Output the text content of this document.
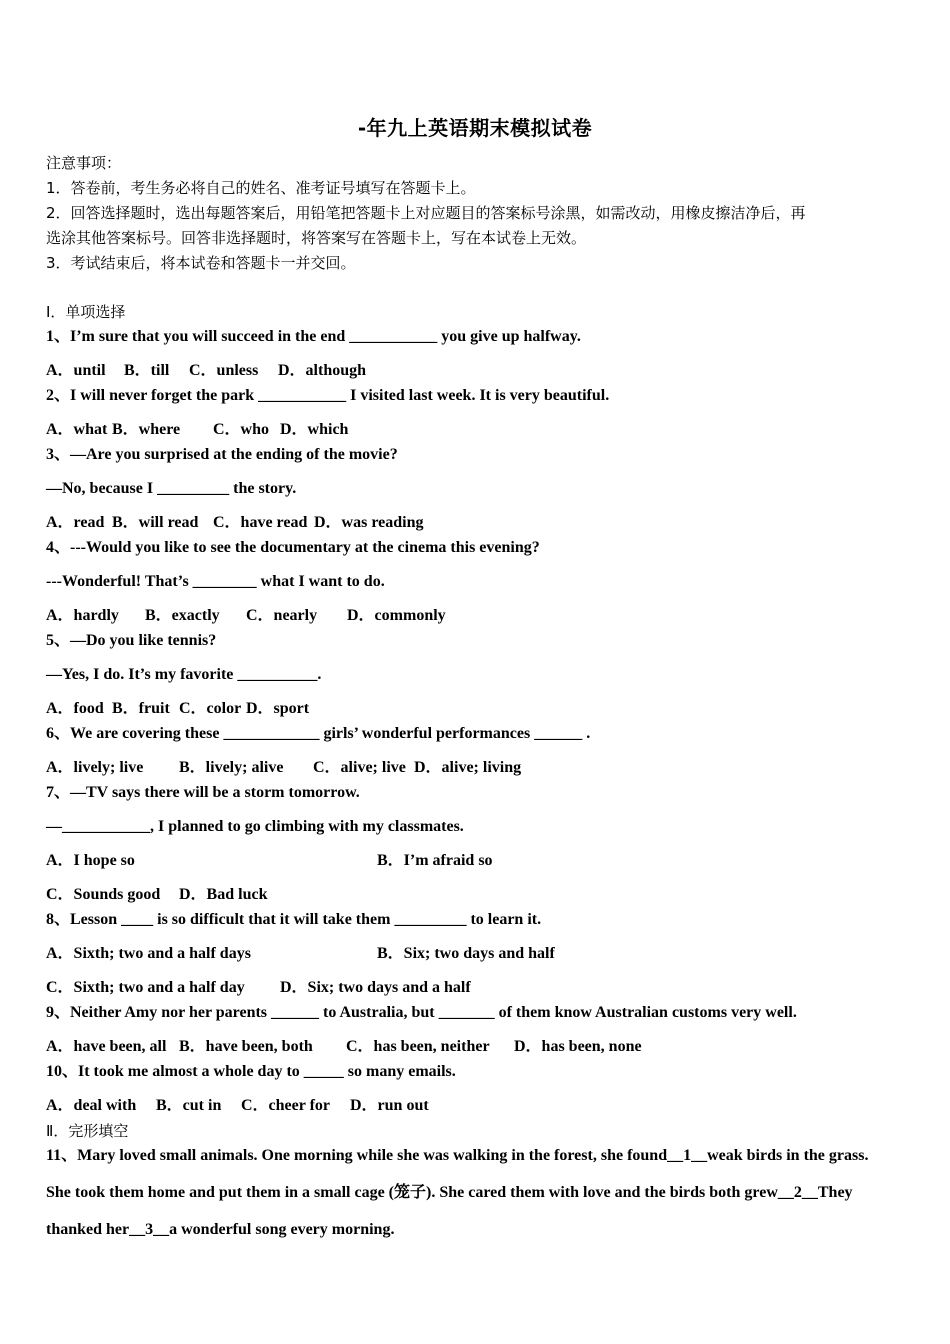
-年九上英语期末模拟试卷
注意事项：
1．答卷前，考生务必将自己的姓名、准考证号填写在答题卡上。
2．回答选择题时，选出每题答案后，用铅笔把答题卡上对应题目的答案标号涂黑，如需改动，用橡皮擦洁净后，再
选涂其他答案标号。回答非选择题时，将答案写在答题卡上，写在本试卷上无效。
3．考试结束后，将本试卷和答题卡一并交回。
Ⅰ．单项选择
1、I’m sure that you will succeed in the end ___________ you give up halfway.
A．until B．till C．unless D．although
2、I will never forget the park ___________ I visited last week. It is very beautiful.
A．what B．where C．who D．which
3、—Are you surprised at the ending of the movie?
—No, because I _________ the story.
A．read B．will read C．have read D．was reading
4、---Would you like to see the documentary at the cinema this evening?
---Wonderful! That’s ________ what I want to do.
A．hardly B．exactly C．nearly D．commonly
5、—Do you like tennis?
—Yes, I do. It’s my favorite __________.
A．food B．fruit C．color D．sport
6、We are covering these ____________ girls’ wonderful performances ______ .
A．lively; live B．lively; alive C．alive; live D．alive; living
7、—TV says there will be a storm tomorrow.
—___________, I planned to go climbing with my classmates.
A．I hope so	B．I’m afraid so
C．Sounds good D．Bad luck
8、Lesson ____ is so difficult that it will take them _________ to learn it.
A．Sixth; two and a half days	B．Six; two days and half
C．Sixth; two and a half day D．Six; two days and a half
9、Neither Amy nor her parents ______ to Australia, but _______ of them know Australian customs very well.
A．have been, all B．have been, both C．has been, neither D．has been, none
10、It took me almost a whole day to _____ so many emails.
A．deal with B．cut in C．cheer for D．run out
Ⅱ．完形填空
11、Mary loved small animals. One morning while she was walking in the forest, she found__1__weak birds in the grass.
She took them home and put them in a small cage (笼子). She cared them with love and the birds both grew__2__They
thanked her__3__a wonderful song every morning.
